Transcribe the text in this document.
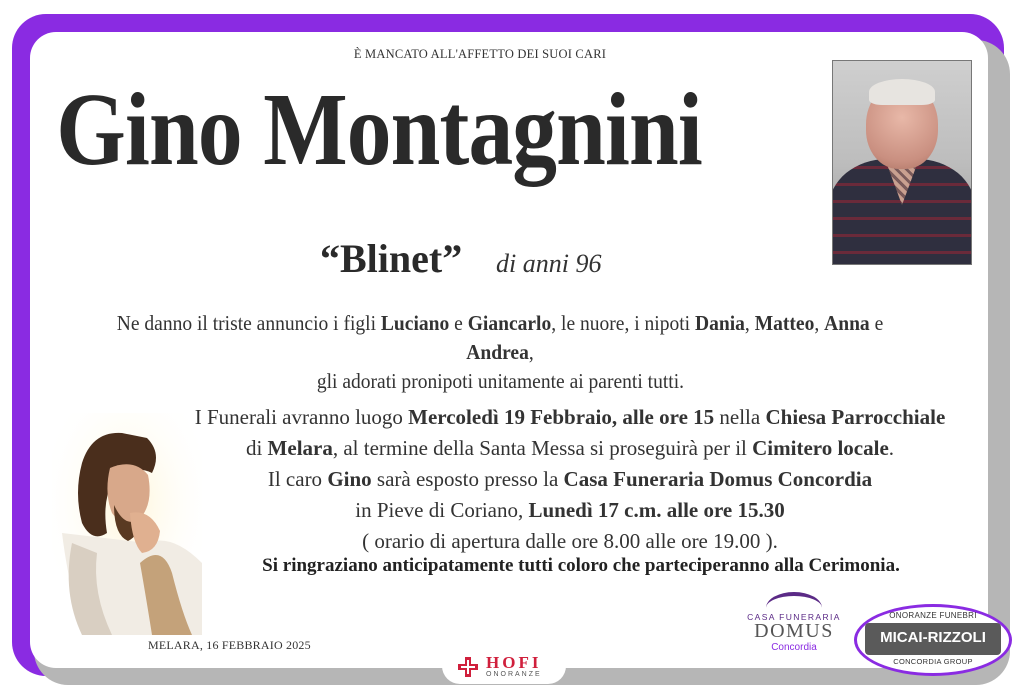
È MANCATO ALL'AFFETTO DEI SUOI CARI
Gino Montagnini
“Blinet” di anni 96
Ne danno il triste annuncio i figli Luciano e Giancarlo, le nuore, i nipoti Dania, Matteo, Anna e Andrea,
gli adorati pronipoti unitamente ai parenti tutti.
I Funerali avranno luogo Mercoledì 19 Febbraio, alle ore 15 nella Chiesa Parrocchiale
di Melara, al termine della Santa Messa si proseguirà per il Cimitero locale.
Il caro Gino sarà esposto presso la Casa Funeraria Domus Concordia
in Pieve di Coriano, Lunedì 17 c.m. alle ore 15.30
( orario di apertura dalle ore 8.00 alle ore 19.00 ).
Si ringraziano anticipatamente tutti coloro che parteciperanno alla Cerimonia.
MELARA, 16 FEBBRAIO 2025
CASA FUNERARIA
DOMUS
Concordia
ONORANZE FUNEBRI
MICAI-RIZZOLI
CONCORDIA GROUP
HOFI
ONORANZE
